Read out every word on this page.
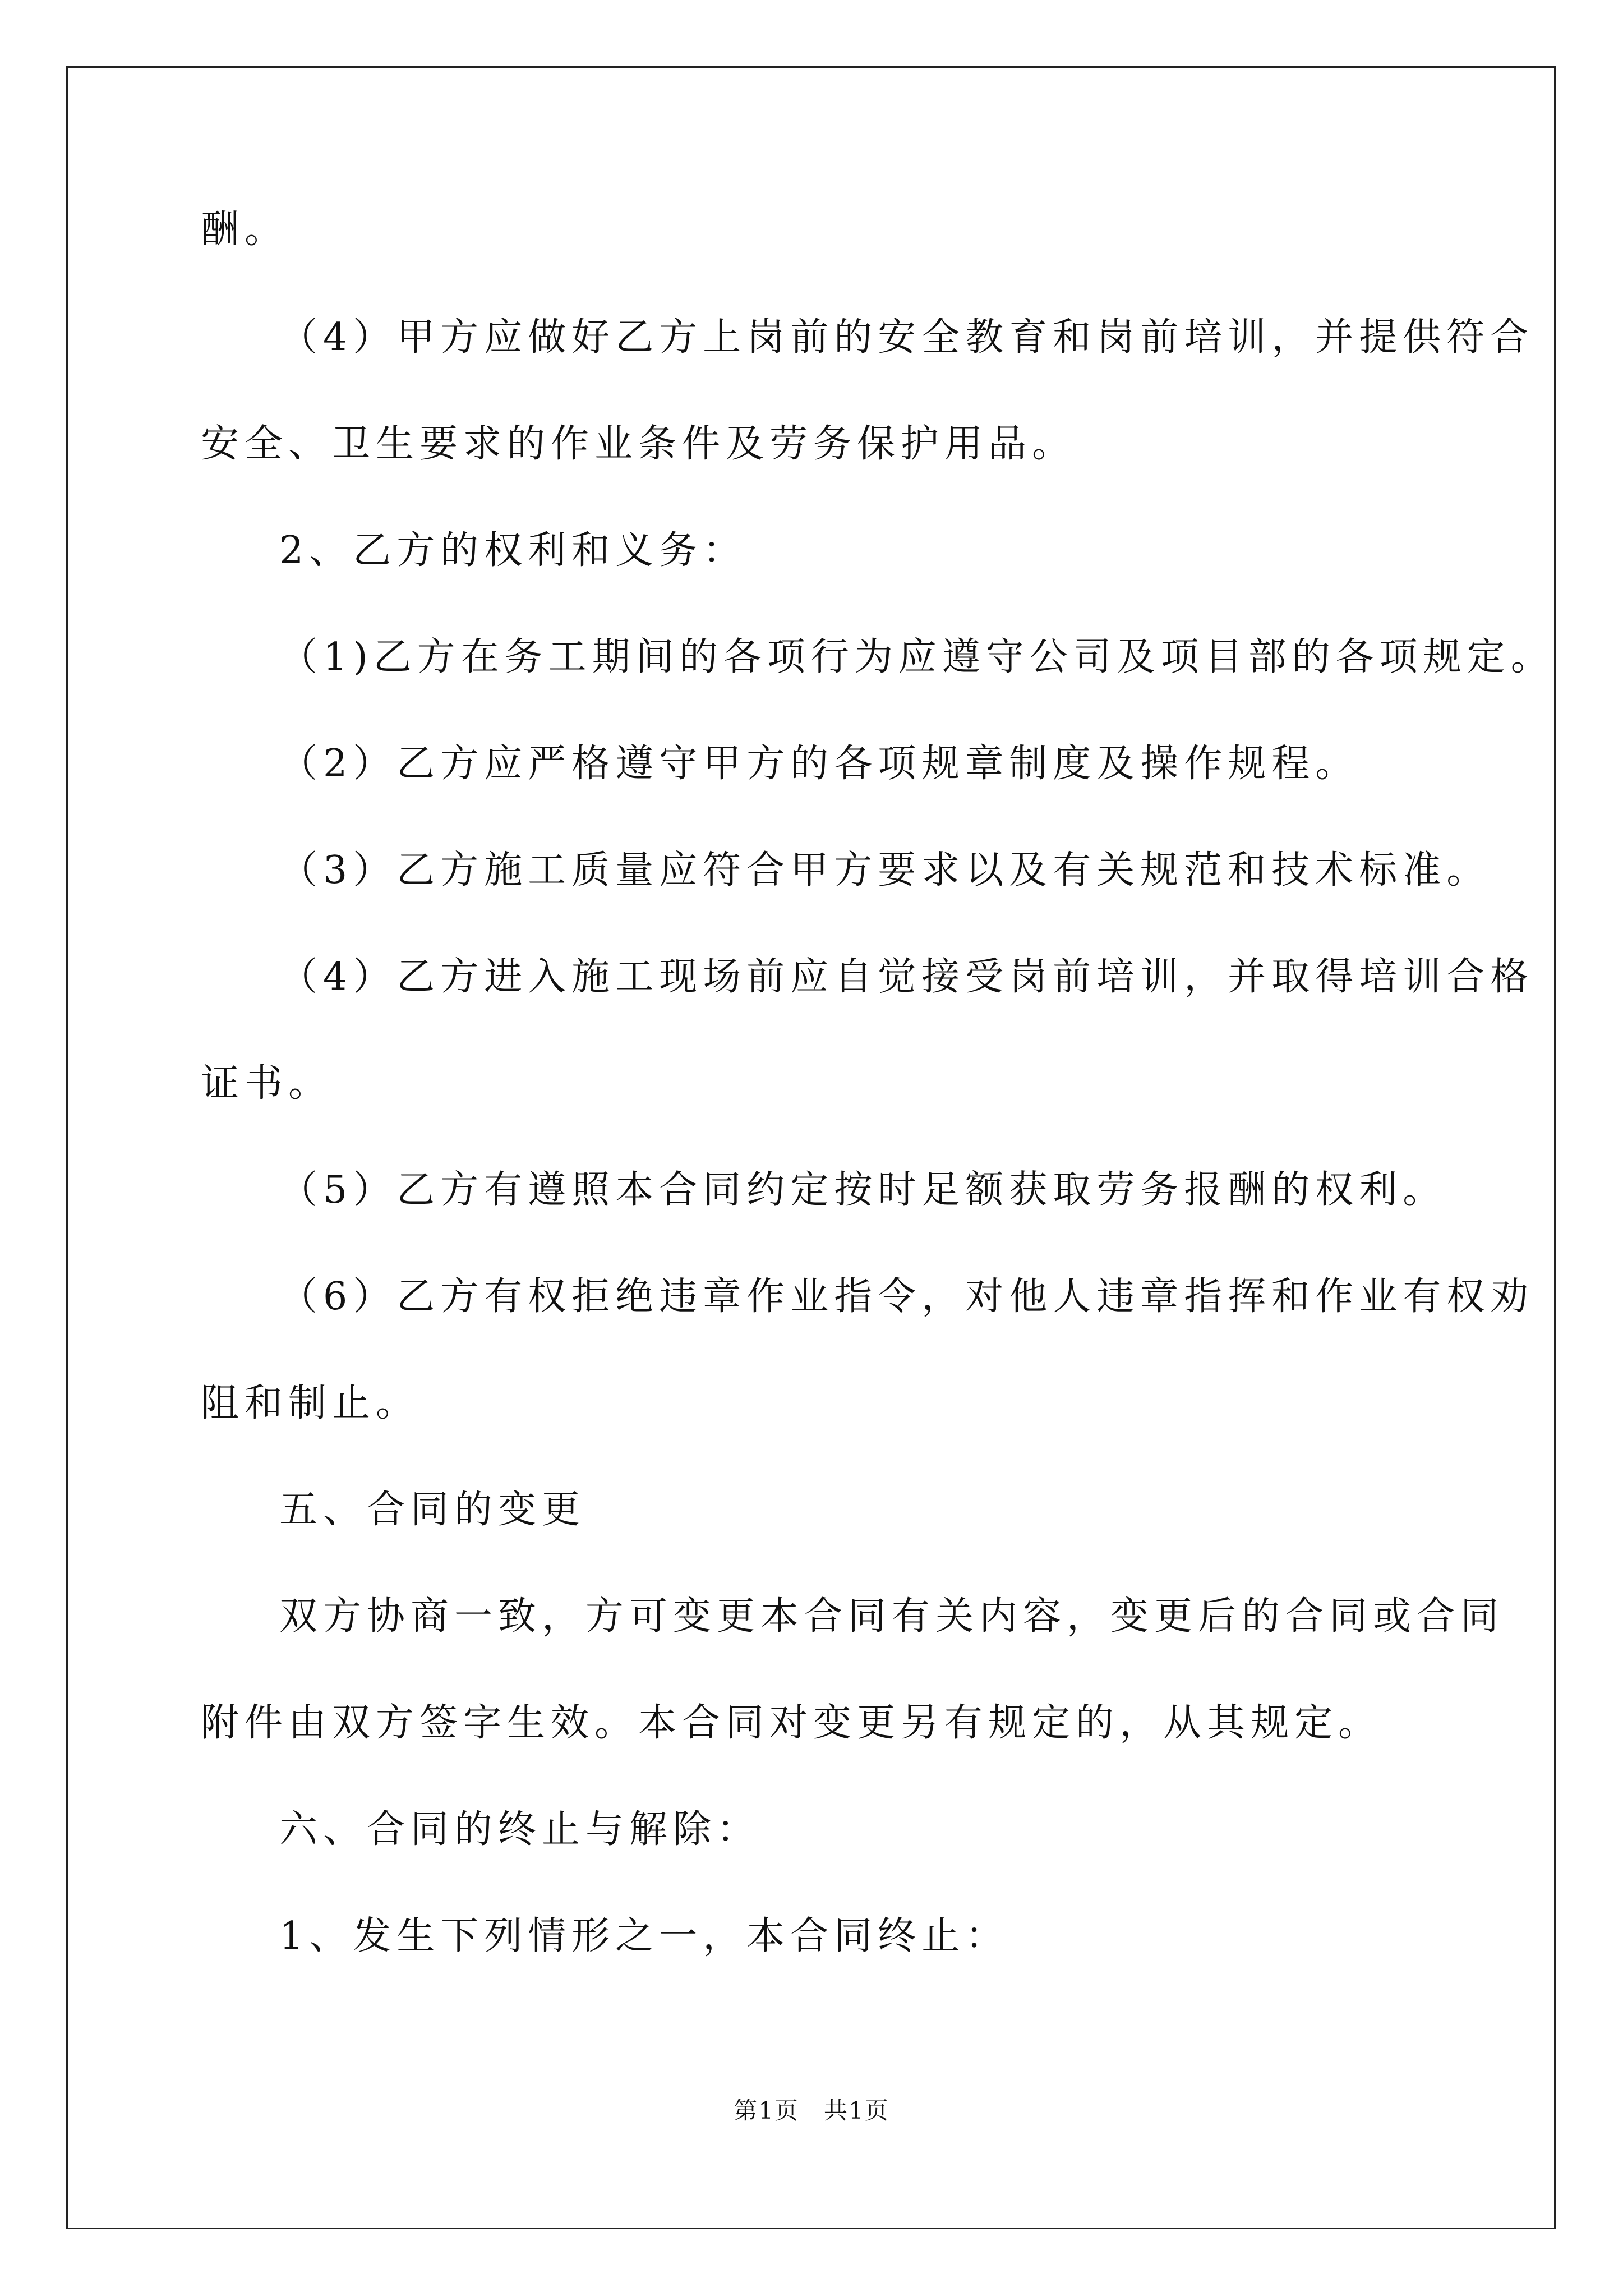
酬。
（4）甲方应做好乙方上岗前的安全教育和岗前培训，并提供符合
安全、卫生要求的作业条件及劳务保护用品。
2、乙方的权利和义务：
（1)乙方在务工期间的各项行为应遵守公司及项目部的各项规定。
（2）乙方应严格遵守甲方的各项规章制度及操作规程。
（3）乙方施工质量应符合甲方要求以及有关规范和技术标准。
（4）乙方进入施工现场前应自觉接受岗前培训，并取得培训合格
证书。
（5）乙方有遵照本合同约定按时足额获取劳务报酬的权利。
（6）乙方有权拒绝违章作业指令，对他人违章指挥和作业有权劝
阻和制止。
五、合同的变更
双方协商一致，方可变更本合同有关内容，变更后的合同或合同
附件由双方签字生效。本合同对变更另有规定的，从其规定。
六、合同的终止与解除：
1、发生下列情形之一，本合同终止：
第1页　共1页
